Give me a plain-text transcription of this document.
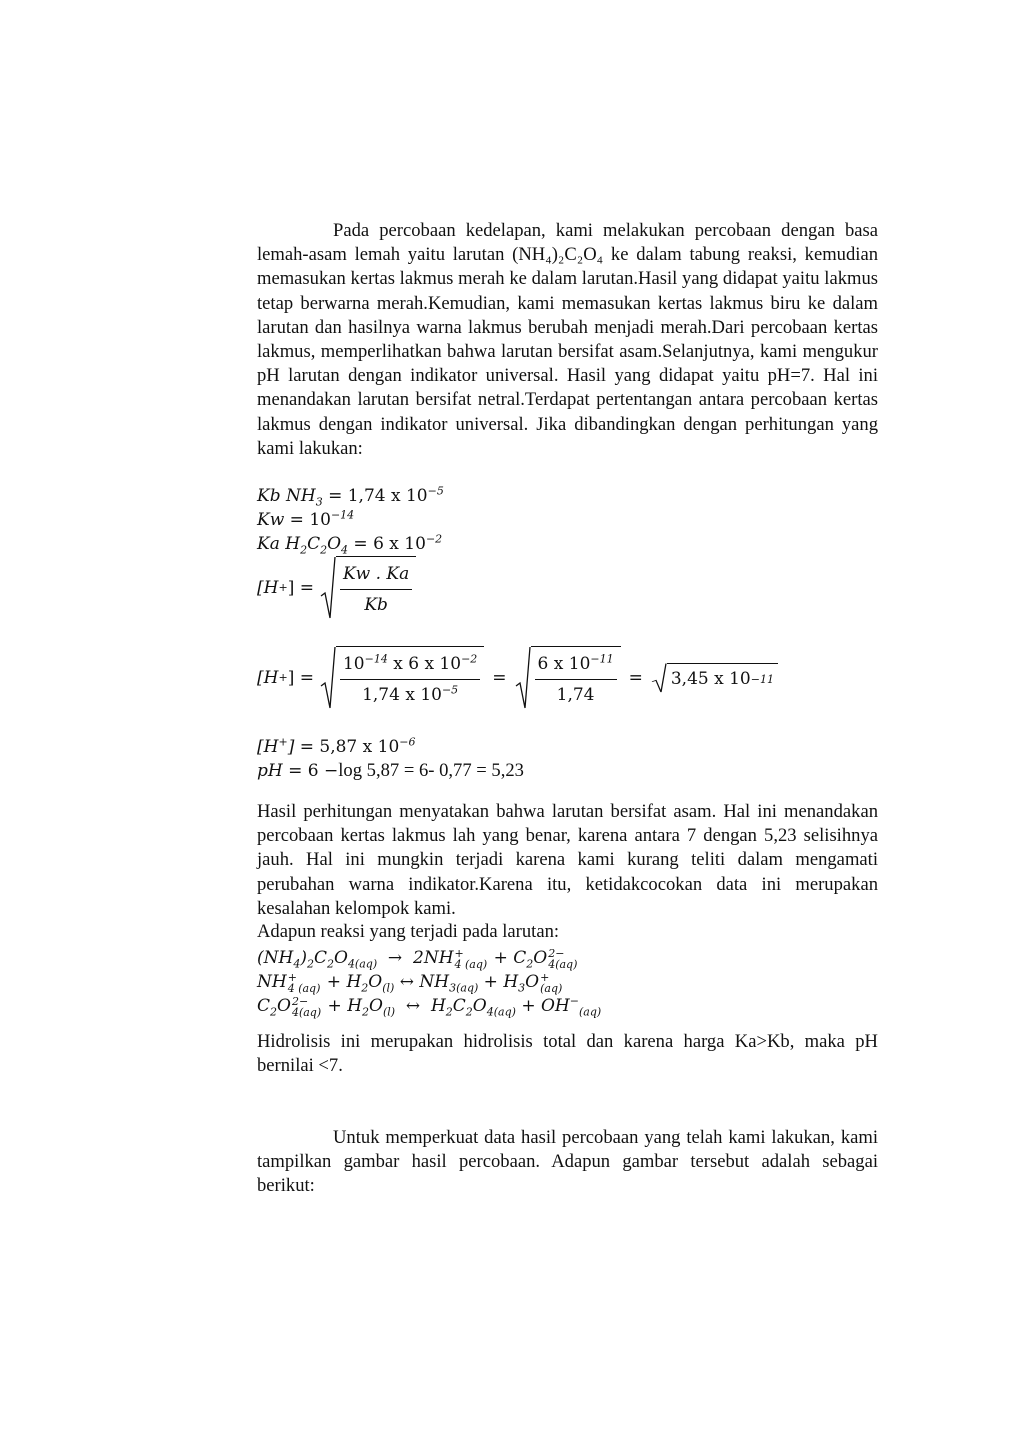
Pada percobaan kedelapan, kami melakukan percobaan dengan basa lemah-asam lemah yaitu larutan (NH₄)₂C₂O₄ ke dalam tabung reaksi, kemudian memasukan kertas lakmus merah ke dalam larutan.Hasil yang didapat yaitu lakmus tetap berwarna merah.Kemudian, kami memasukan kertas lakmus biru ke dalam larutan dan hasilnya warna lakmus berubah menjadi merah.Dari percobaan kertas lakmus, memperlihatkan bahwa larutan bersifat asam.Selanjutnya, kami mengukur pH larutan dengan indikator universal. Hasil yang didapat yaitu pH=7. Hal ini menandakan larutan bersifat netral.Terdapat pertentangan antara percobaan kertas lakmus dengan indikator universal. Jika dibandingkan dengan perhitungan yang kami lakukan:

Kb $NH_3 = 1,74$ x $10^{-5}$

$Kw = 10^{-14}$

Ka $H_2C_2O_4 = 6$ x $10^{-2}$

[H + ] = $\frac{Kw . Ka}{Kb}$
[H + ] = $\frac{10^{-14} x 6 x 10^{-2}}{1,74 x 10^{-5}} = \frac{6 x 10^{-11}}{1,74} = 3,45$ x 10 −11

[H+] = 5,87 x $10^{-6}$

pH = 6 −log 5,87 = 6- 0,77 = 5,23

Hasil perhitungan menyatakan bahwa larutan bersifat asam. Hal ini menandakan percobaan kertas lakmus lah yang benar, karena antara 7 dengan 5,23 selisihnya jauh. Hal ini mungkin terjadi karena kami kurang teliti dalam mengamati perubahan warna indikator.Karena itu, ketidakcocokan data ini merupakan kesalahan kelompok kami.

Adapun reaksi yang terjadi pada larutan:

$(NH_4)_2C_2O_{4(aq)} \to 2NH$ +
4 $(aq) + C_2O$ 2−
4(aq)

NH +
4 $(aq) + H_2O_{(l)}$ ↔ $NH_{3(aq)} + H_3O$ +
(aq)

$C_2O$ 2−
$4(aq) + H_2O_{(l)}$  ↔  $H_2C_2O_{4(aq)} + OH^-_{(aq)}$

Hidrolisis ini merupakan hidrolisis total dan karena harga Ka>Kb, maka pH bernilai <7.

Untuk memperkuat data hasil percobaan yang telah kami lakukan, kami tampilkan gambar hasil percobaan. Adapun gambar tersebut adalah sebagai berikut:
